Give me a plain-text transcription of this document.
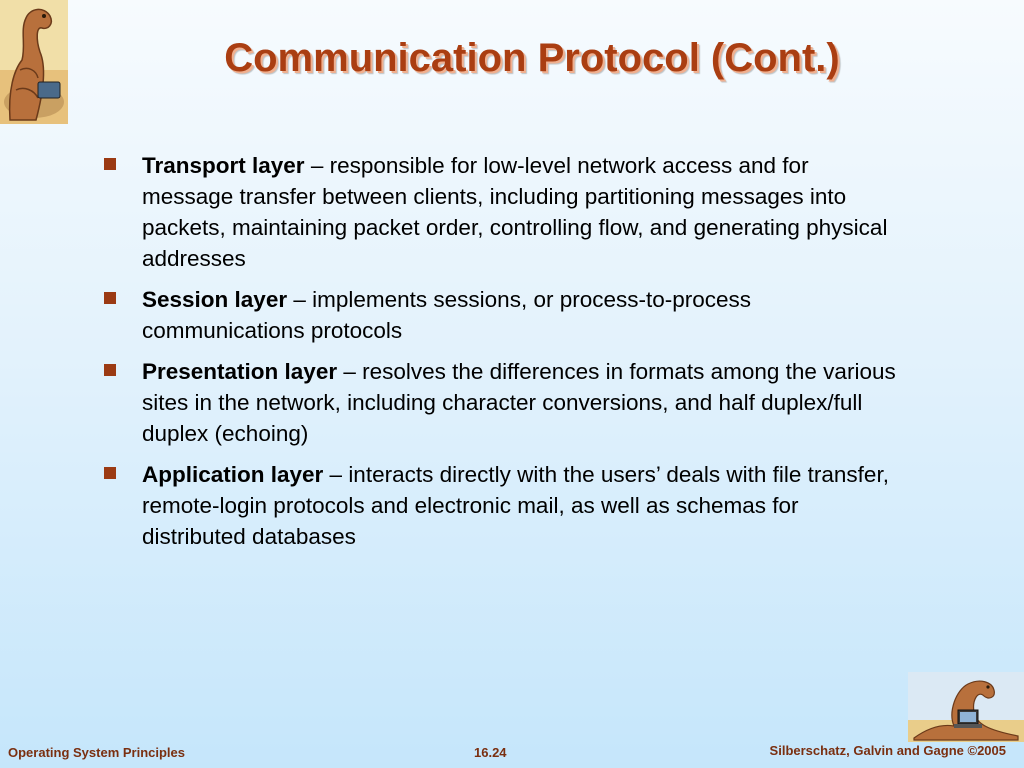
Communication Protocol (Cont.)
Transport layer – responsible for low-level network access and for message transfer between clients, including partitioning messages into packets, maintaining packet order, controlling flow, and generating physical addresses
Session layer – implements sessions, or process-to-process communications protocols
Presentation layer – resolves the differences in formats among the various sites in the network, including character conversions, and half duplex/full duplex (echoing)
Application layer – interacts directly with the users’ deals with file transfer, remote-login protocols and electronic mail, as well as schemas for distributed databases
Operating System Principles	16.24	Silberschatz, Galvin and Gagne ©2005
